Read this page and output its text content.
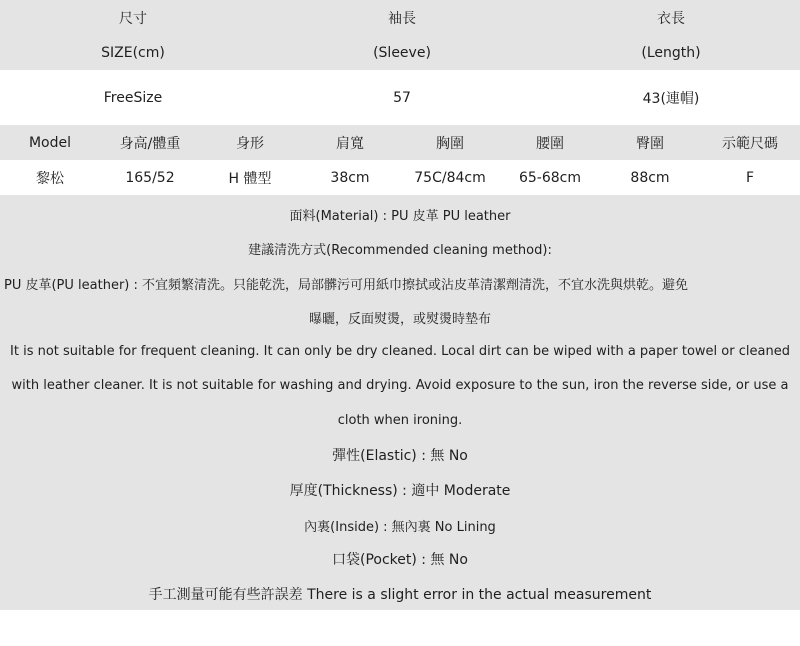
尺寸	袖長	衣長
SIZE(cm)	(Sleeve)	(Length)
FreeSize	57	43(連帽)
Model	身高/體重	身形	肩寬	胸圍	腰圍	臀圍	示範尺碼
黎松	165/52	H 體型	38cm	75C/84cm	65-68cm	88cm	F
面料(Material) : PU 皮革 PU leather
建議清洗方式(Recommended cleaning method):
PU 皮革(PU leather) : 不宜頻繁清洗。只能乾洗，局部髒污可用紙巾擦拭或沾皮革清潔劑清洗，不宜水洗與烘乾。避免
曝曬，反面熨燙，或熨燙時墊布
It is not suitable for frequent cleaning. It can only be dry cleaned. Local dirt can be wiped with a paper towel or cleaned
with leather cleaner. It is not suitable for washing and drying. Avoid exposure to the sun, iron the reverse side, or use a
cloth when ironing.
彈性(Elastic) : 無 No
厚度(Thickness) : 適中 Moderate
內裏(Inside) : 無內裏 No Lining
口袋(Pocket) : 無 No
手工測量可能有些許誤差 There is a slight error in the actual measurement
